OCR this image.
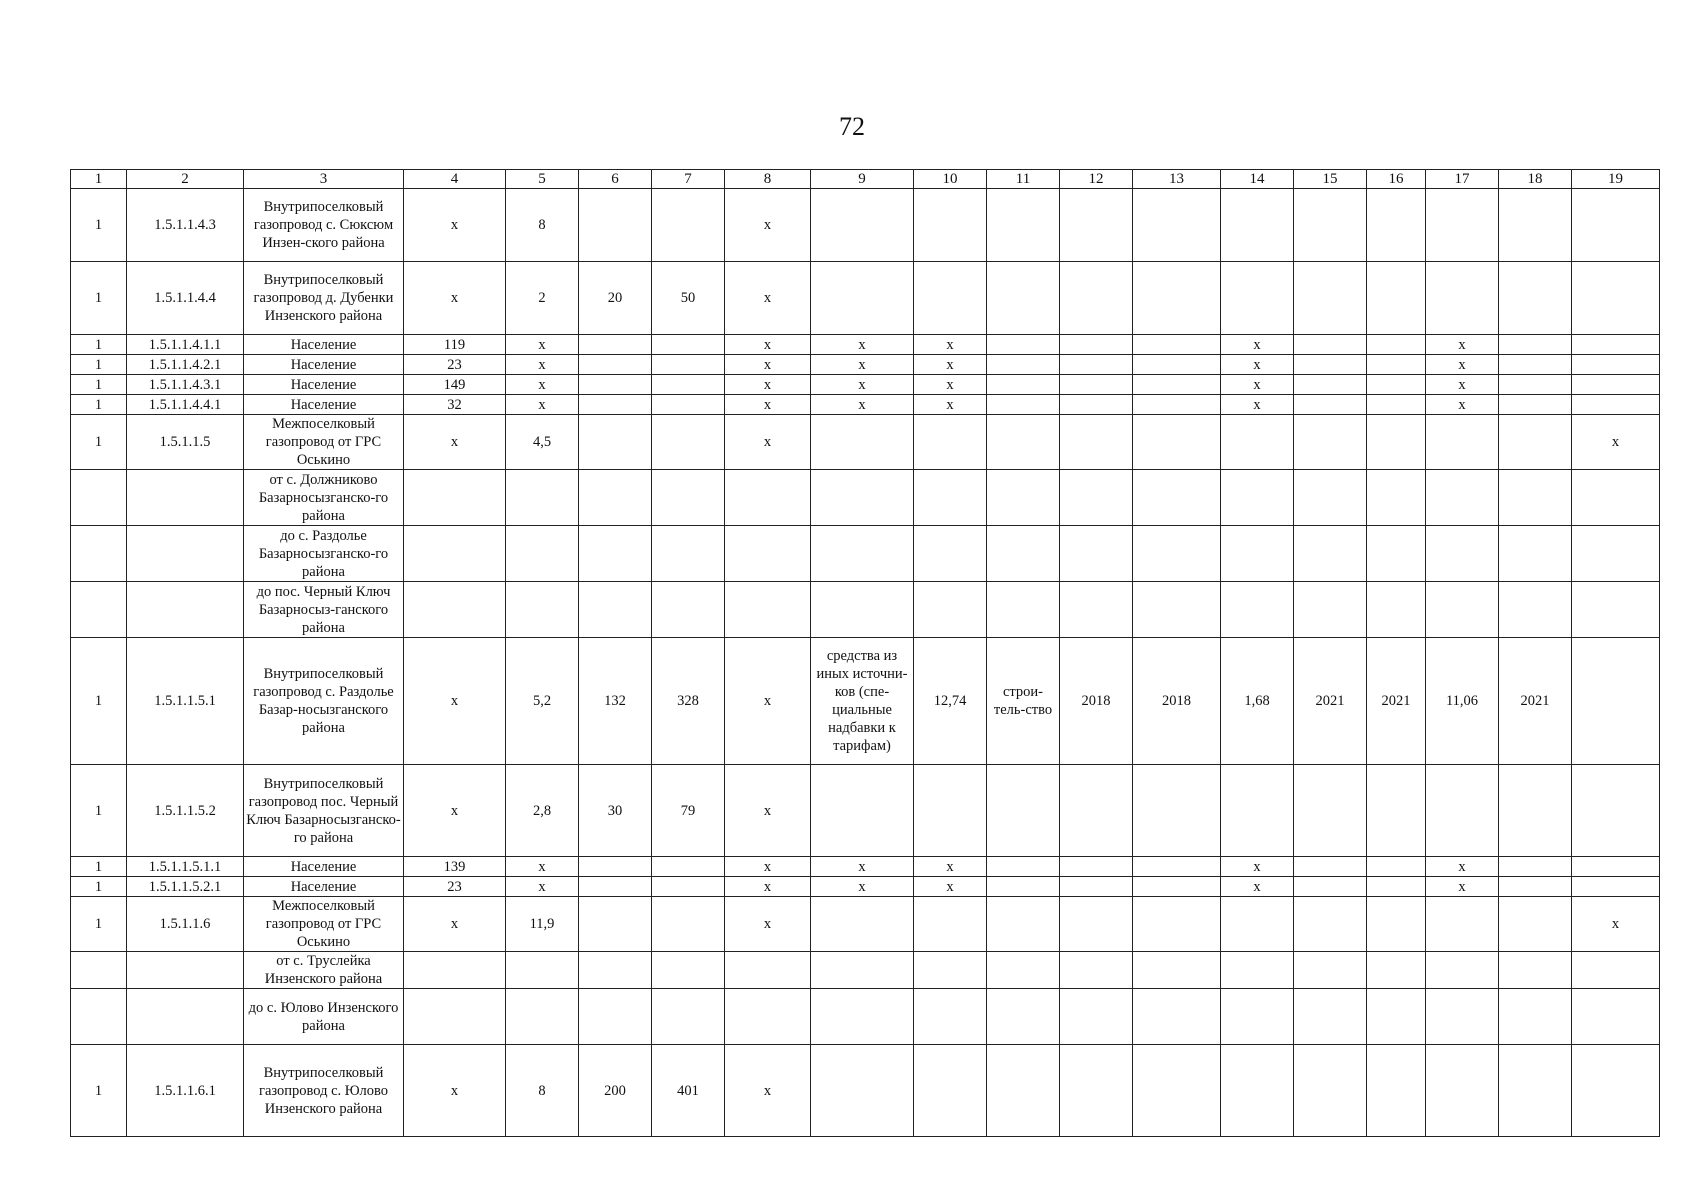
72
1	2	3	4	5	6	7	8	9	10	11	12	13	14	15	16	17	18	19
1	1.5.1.1.4.3	Внутрипоселковый газопровод с. Сюксюм Инзен-ского района	х	8			х											
1	1.5.1.1.4.4	Внутрипоселковый газопровод д. Дубенки Инзенского района	х	2	20	50	х											
1	1.5.1.1.4.1.1	Население	119	х			х	х	х				х			х		
1	1.5.1.1.4.2.1	Население	23	х			х	х	х				х			х		
1	1.5.1.1.4.3.1	Население	149	х			х	х	х				х			х		
1	1.5.1.1.4.4.1	Население	32	х			х	х	х				х			х		
1	1.5.1.1.5	Межпоселковый газопровод от ГРС Оськино	х	4,5			х											х
		от с. Должниково Базарносызганско-го района																
		до с. Раздолье Базарносызганско-го района																
		до пос. Черный Ключ Базарносыз-ганского района																
1	1.5.1.1.5.1	Внутрипоселковый газопровод с. Раздолье Базар-носызганского района	х	5,2	132	328	х	средства из иных источни-ков (спе-циальные надбавки к тарифам)	12,74	строи-тель-ство	2018	2018	1,68	2021	2021	11,06	2021	
1	1.5.1.1.5.2	Внутрипоселковый газопровод пос. Черный Ключ Базарносызганско-го района	х	2,8	30	79	х											
1	1.5.1.1.5.1.1	Население	139	х			х	х	х				х			х		
1	1.5.1.1.5.2.1	Население	23	х			х	х	х				х			х		
1	1.5.1.1.6	Межпоселковый газопровод от ГРС Оськино	х	11,9			х											х
		от с. Труслейка Инзенского района																
		до с. Юлово Инзенского района																
1	1.5.1.1.6.1	Внутрипоселковый газопровод с. Юлово Инзенского района	х	8	200	401	х											
